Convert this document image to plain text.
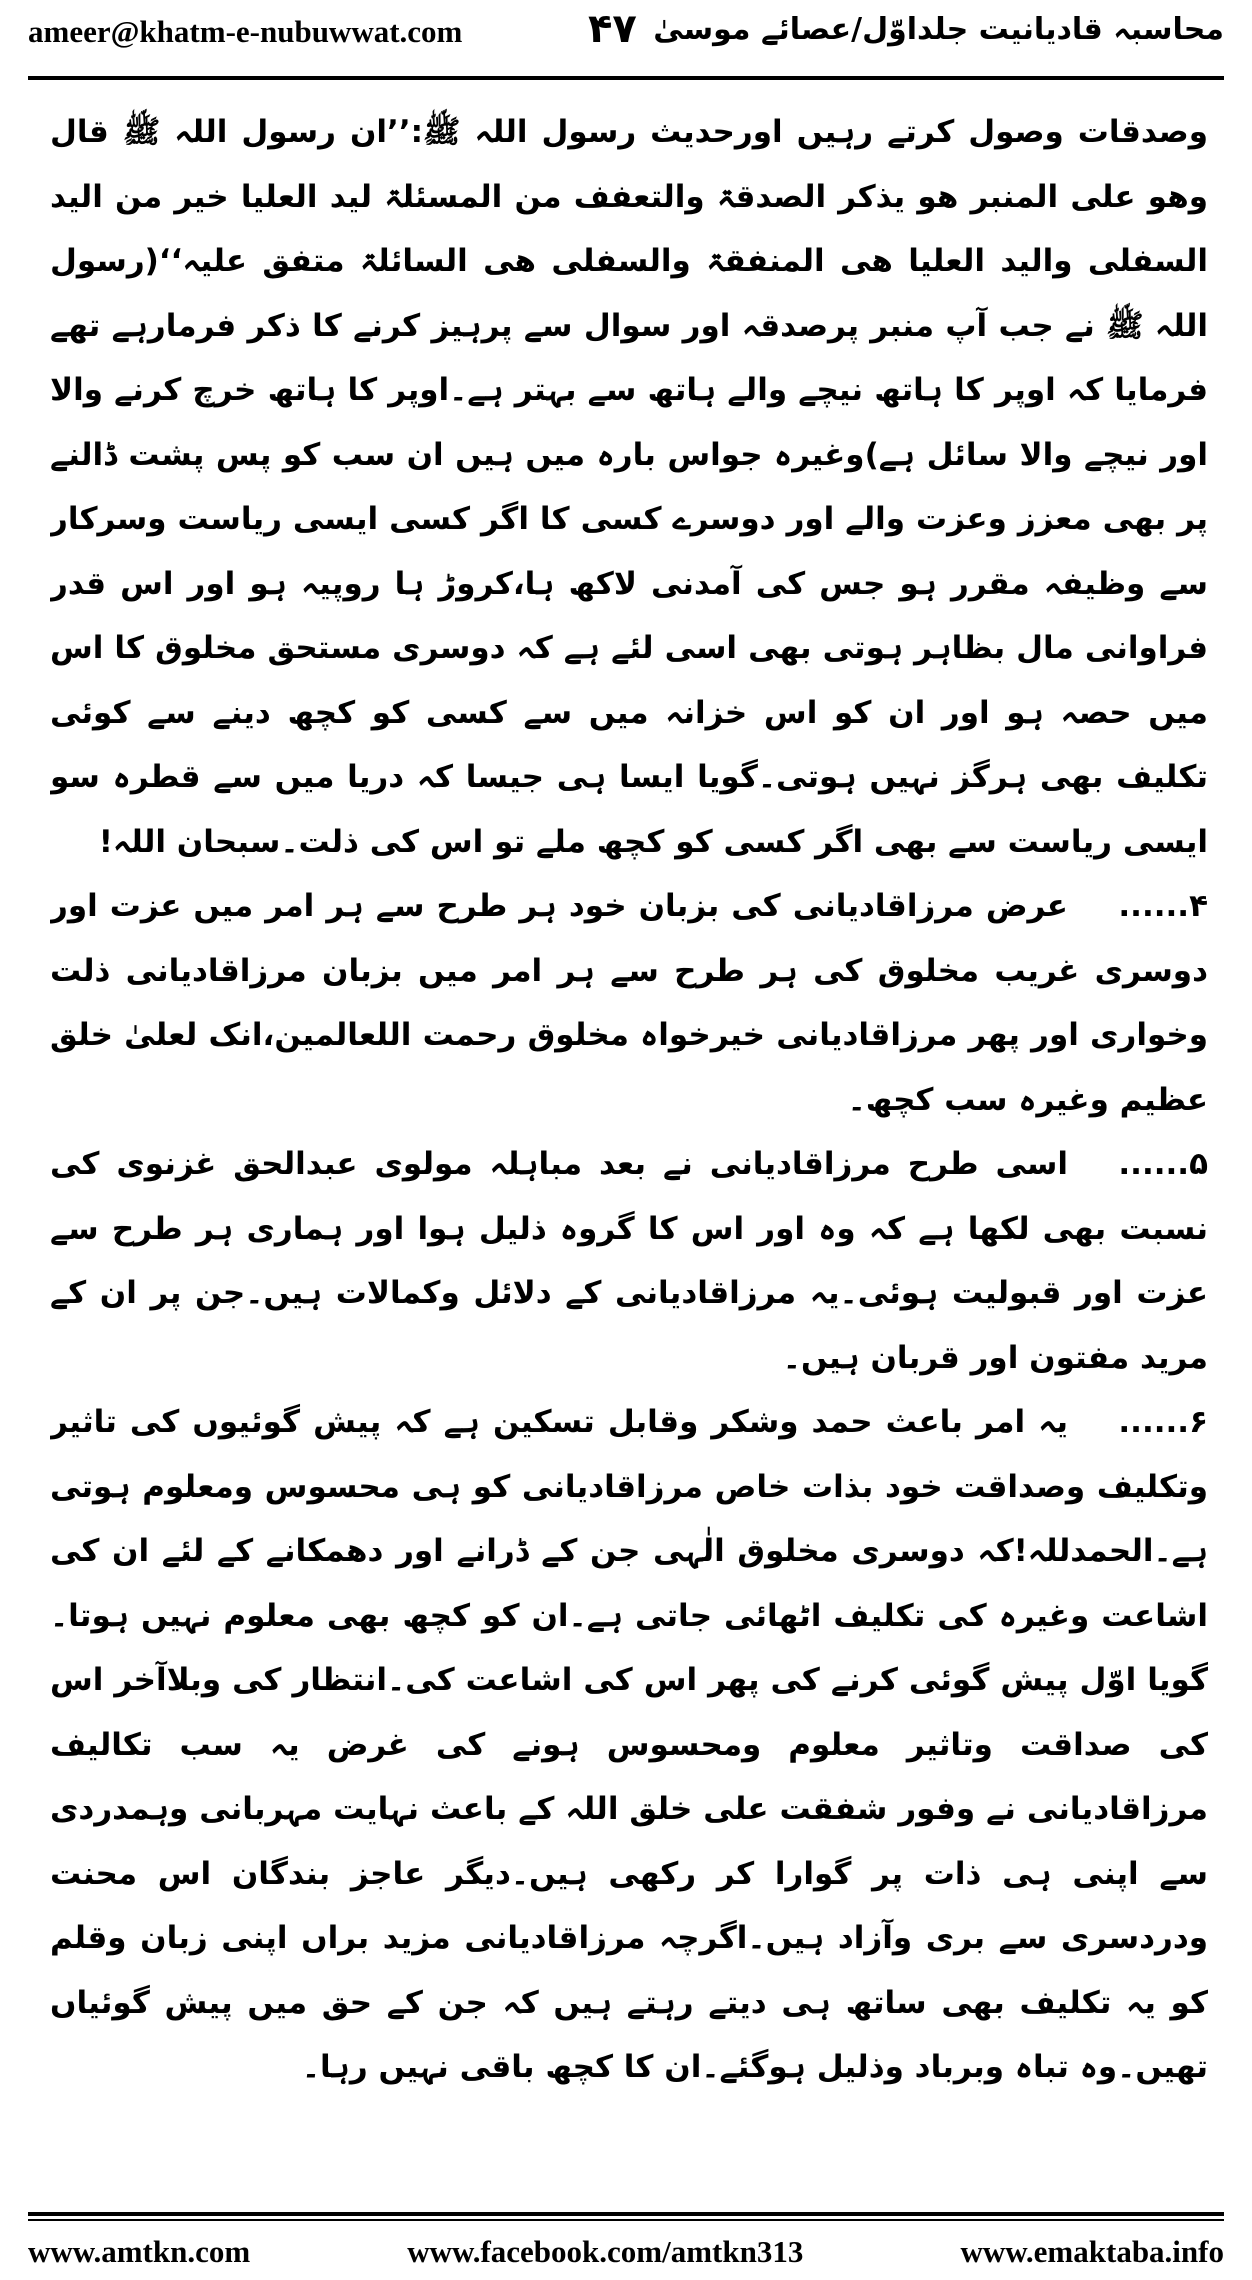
ameer@khatm-e-nubuwwat.com	۴۷ محاسبہ قادیانیت جلداوّل/عصائے موسیٰ

وصدقات وصول کرتے رہیں اورحدیث رسول اللہ ﷺ:’’ان رسول اللہ ﷺ قال وھو علی المنبر ھو یذکر الصدقۃ والتعفف من المسئلۃ لید العلیا خیر من الید السفلی والید العلیا ھی المنفقۃ والسفلی ھی السائلۃ متفق علیہ‘‘(رسول اللہ ﷺ نے جب آپ منبر پرصدقہ اور سوال سے پرہیز کرنے کا ذکر فرمارہے تھے فرمایا کہ اوپر کا ہاتھ نیچے والے ہاتھ سے بہتر ہے۔اوپر کا ہاتھ خرچ کرنے والا اور نیچے والا سائل ہے)وغیرہ جواس بارہ میں ہیں ان سب کو پس پشت ڈالنے پر بھی معزز وعزت والے اور دوسرے کسی کا اگر کسی ایسی ریاست وسرکار سے وظیفہ مقرر ہو جس کی آمدنی لاکھ ہا،کروڑ ہا روپیہ ہو اور اس قدر فراوانی مال بظاہر ہوتی بھی اسی لئے ہے کہ دوسری مستحق مخلوق کا اس میں حصہ ہو اور ان کو اس خزانہ میں سے کسی کو کچھ دینے سے کوئی تکلیف بھی ہرگز نہیں ہوتی۔گویا ایسا ہی جیسا کہ دریا میں سے قطرہ سو ایسی ریاست سے بھی اگر کسی کو کچھ ملے تو اس کی ذلت۔سبحان اللہ!

۴......عرض مرزاقادیانی کی بزبان خود ہر طرح سے ہر امر میں عزت اور دوسری غریب مخلوق کی ہر طرح سے ہر امر میں بزبان مرزاقادیانی ذلت وخواری اور پھر مرزاقادیانی خیرخواہ مخلوق رحمت اللعالمین،انک لعلیٰ خلق عظیم وغیرہ سب کچھ۔

۵......اسی طرح مرزاقادیانی نے بعد مباہلہ مولوی عبدالحق غزنوی کی نسبت بھی لکھا ہے کہ وہ اور اس کا گروہ ذلیل ہوا اور ہماری ہر طرح سے عزت اور قبولیت ہوئی۔یہ مرزاقادیانی کے دلائل وکمالات ہیں۔جن پر ان کے مرید مفتون اور قربان ہیں۔

۶......یہ امر باعث حمد وشکر وقابل تسکین ہے کہ پیش گوئیوں کی تاثیر وتکلیف وصداقت خود بذات خاص مرزاقادیانی کو ہی محسوس ومعلوم ہوتی ہے۔الحمدللہ!کہ دوسری مخلوق الٰہی جن کے ڈرانے اور دھمکانے کے لئے ان کی اشاعت وغیرہ کی تکلیف اٹھائی جاتی ہے۔ان کو کچھ بھی معلوم نہیں ہوتا۔گویا اوّل پیش گوئی کرنے کی پھر اس کی اشاعت کی۔انتظار کی وبلاآخر اس کی صداقت وتاثیر معلوم ومحسوس ہونے کی غرض یہ سب تکالیف مرزاقادیانی نے وفور شفقت علی خلق اللہ کے باعث نہایت مہربانی وہمدردی سے اپنی ہی ذات پر گوارا کر رکھی ہیں۔دیگر عاجز بندگان اس محنت ودردسری سے بری وآزاد ہیں۔اگرچہ مرزاقادیانی مزید براں اپنی زبان وقلم کو یہ تکلیف بھی ساتھ ہی دیتے رہتے ہیں کہ جن کے حق میں پیش گوئیاں تھیں۔وہ تباہ وبرباد وذلیل ہوگئے۔ان کا کچھ باقی نہیں رہا۔

www.amtkn.com	www.facebook.com/amtkn313	www.emaktaba.info
